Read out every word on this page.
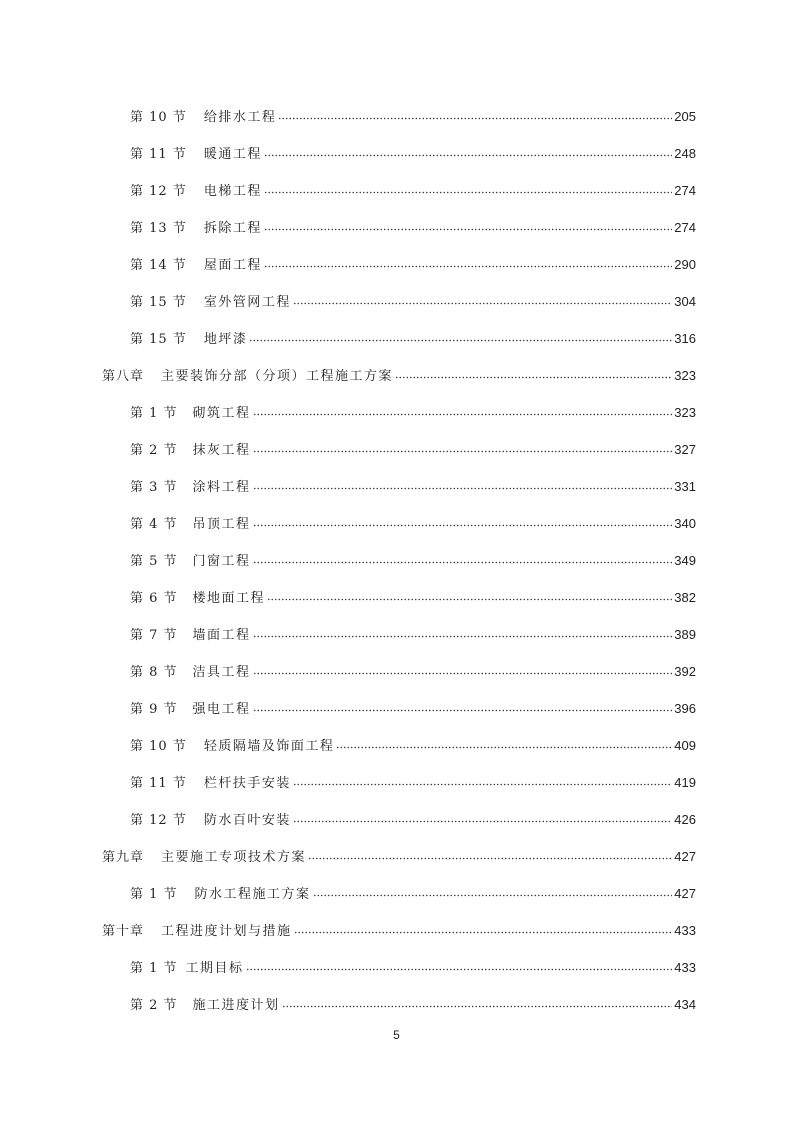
第 10 节 给排水工程	205
第 11 节 暖通工程	248
第 12 节 电梯工程	274
第 13 节 拆除工程	274
第 14 节 屋面工程	290
第 15 节 室外管网工程	304
第 15 节 地坪漆	316
第八章 主要装饰分部（分项）工程施工方案	323
第 1 节 砌筑工程	323
第 2 节 抹灰工程	327
第 3 节 涂料工程	331
第 4 节 吊顶工程	340
第 5 节 门窗工程	349
第 6 节 楼地面工程	382
第 7 节 墙面工程	389
第 8 节 洁具工程	392
第 9 节 强电工程	396
第 10 节 轻质隔墙及饰面工程	409
第 11 节 栏杆扶手安装	419
第 12 节 防水百叶安装	426
第九章 主要施工专项技术方案	427
第 1 节 防水工程施工方案	427
第十章 工程进度计划与措施	433
第 1 节 工期目标	433
第 2 节 施工进度计划	434
5
